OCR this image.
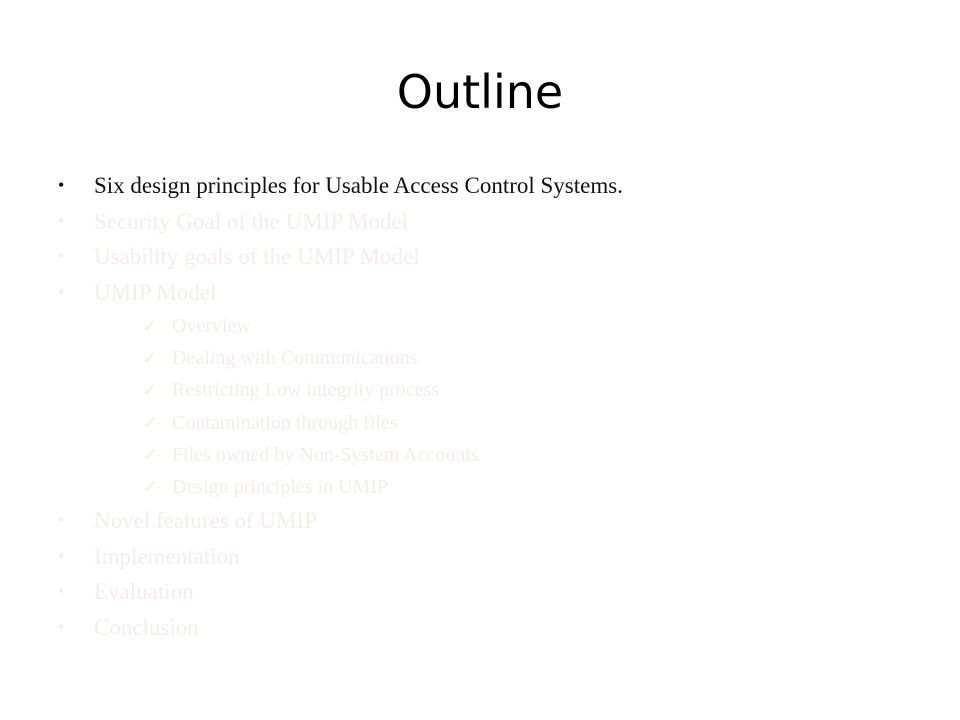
Outline
•	Six design principles for Usable Access Control Systems.
•	Security Goal of the UMIP Model
•	Usability goals of the UMIP Model
•	UMIP Model
✓ Overview
✓ Dealing with Communications
✓ Restricting Low integrity process
✓ Contamination through files
✓ Files owned by Non-System Accounts
✓ Design principles in UMIP
•	Novel features of UMIP
•	Implementation
•	Evaluation
•	Conclusion
